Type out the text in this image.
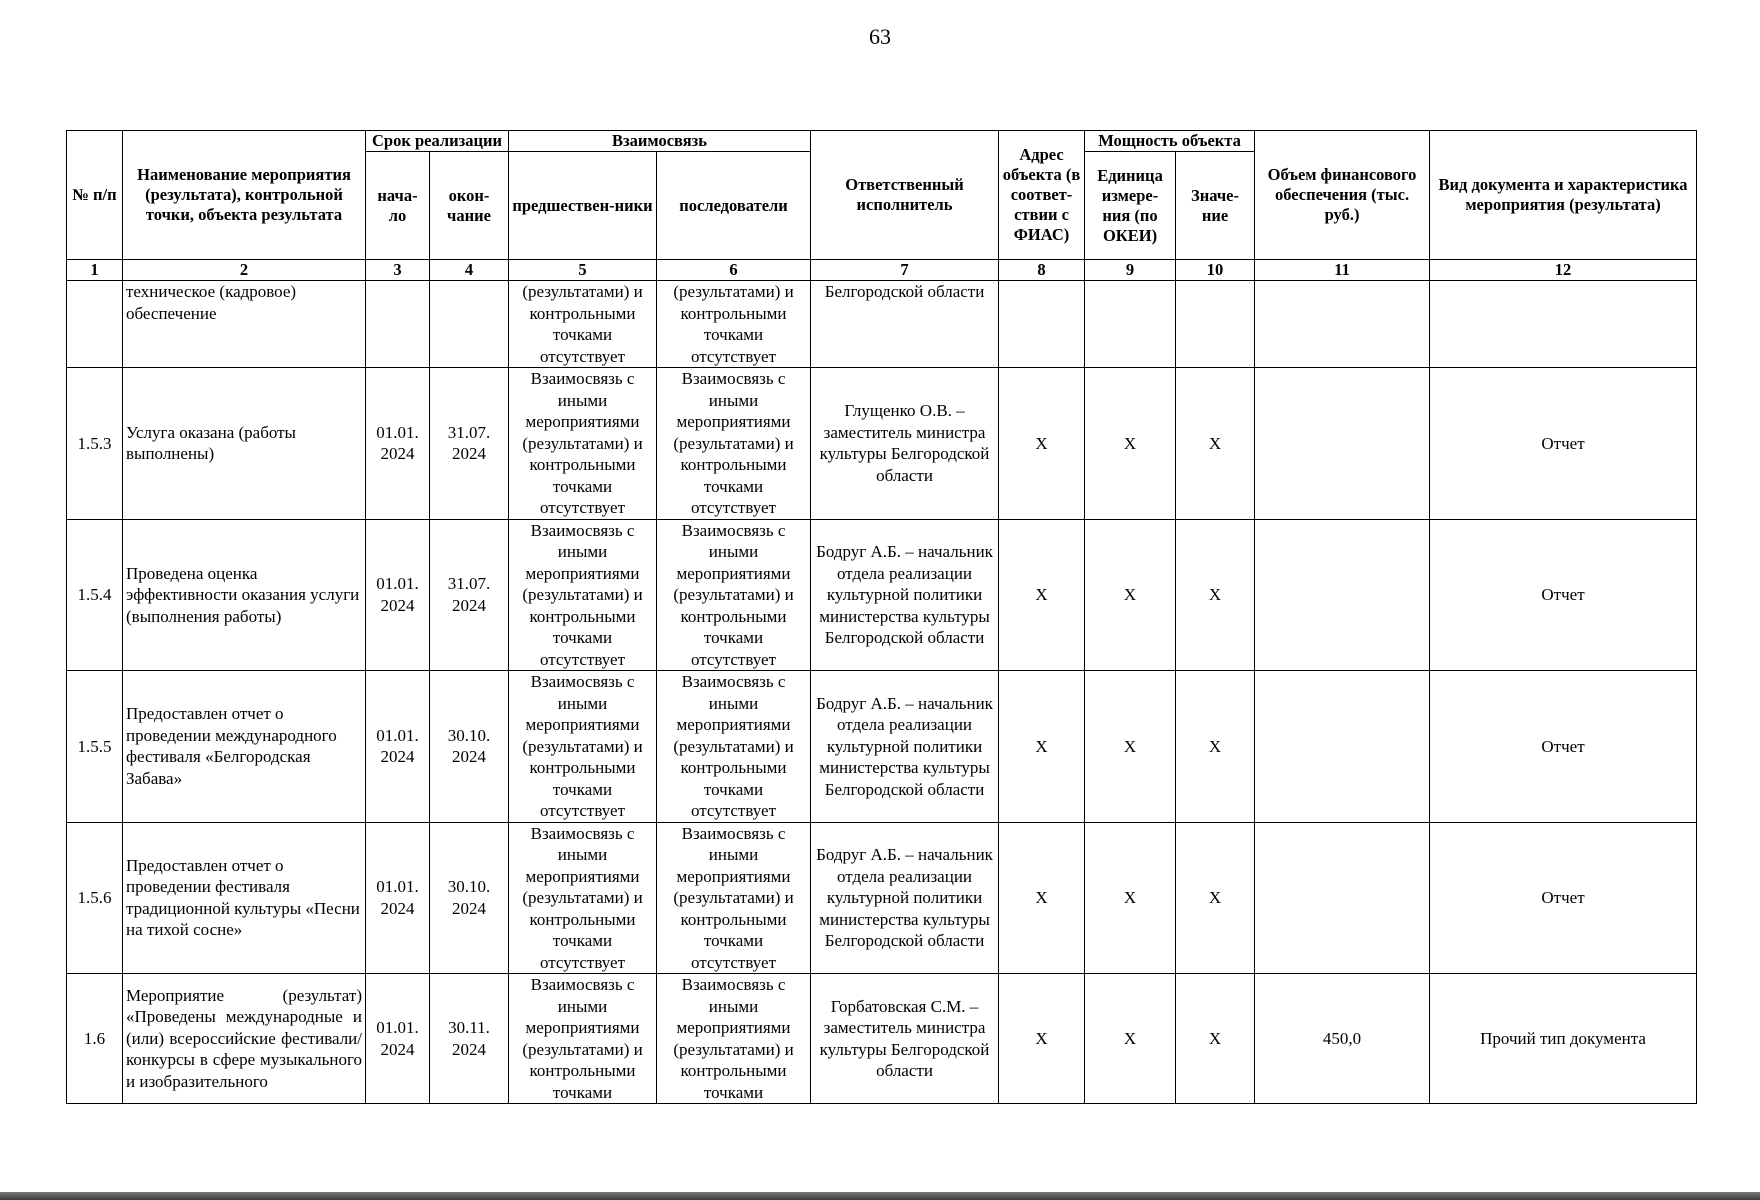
63
№ п/п	Наименование мероприятия (результата), контрольной точки, объекта результата	Срок реализации		Взаимосвязь		Ответственный исполнитель	Адрес объекта (в соответ-ствии с ФИАС)	Мощность объекта		Объем финансового обеспечения (тыс. руб.)	Вид документа и характеристика мероприятия (результата)
		нача-ло	окон-чание	предшествен-ники	последователи			Единица измере-ния (по ОКЕИ)	Значе-ние		
1	2	3	4	5	6	7	8	9	10	11	12
	техническое (кадровое) обеспечение			(результатами) и контрольными точками отсутствует	(результатами) и контрольными точками отсутствует	Белгородской области					
1.5.3	Услуга оказана (работы выполнены)	01.01. 2024	31.07. 2024	Взаимосвязь с иными мероприятиями (результатами) и контрольными точками отсутствует	Взаимосвязь с иными мероприятиями (результатами) и контрольными точками отсутствует	Глущенко О.В. – заместитель министра культуры Белгородской области	X	X	X		Отчет
1.5.4	Проведена оценка эффективности оказания услуги (выполнения работы)	01.01. 2024	31.07. 2024	Взаимосвязь с иными мероприятиями (результатами) и контрольными точками отсутствует	Взаимосвязь с иными мероприятиями (результатами) и контрольными точками отсутствует	Бодруг А.Б. – начальник отдела реализации культурной политики министерства культуры Белгородской области	X	X	X		Отчет
1.5.5	Предоставлен отчет о проведении международного фестиваля «Белгородская Забава»	01.01. 2024	30.10. 2024	Взаимосвязь с иными мероприятиями (результатами) и контрольными точками отсутствует	Взаимосвязь с иными мероприятиями (результатами) и контрольными точками отсутствует	Бодруг А.Б. – начальник отдела реализации культурной политики министерства культуры Белгородской области	X	X	X		Отчет
1.5.6	Предоставлен отчет о проведении фестиваля традиционной культуры «Песни на тихой сосне»	01.01. 2024	30.10. 2024	Взаимосвязь с иными мероприятиями (результатами) и контрольными точками отсутствует	Взаимосвязь с иными мероприятиями (результатами) и контрольными точками отсутствует	Бодруг А.Б. – начальник отдела реализации культурной политики министерства культуры Белгородской области	X	X	X		Отчет
1.6	Мероприятие (результат) «Проведены международные и (или) всероссийские фестивали/конкурсы в сфере музыкального и изобразительного	01.01. 2024	30.11. 2024	Взаимосвязь с иными мероприятиями (результатами) и контрольными точками	Взаимосвязь с иными мероприятиями (результатами) и контрольными точками	Горбатовская С.М. – заместитель министра культуры Белгородской области	X	X	X	450,0	Прочий тип документа
